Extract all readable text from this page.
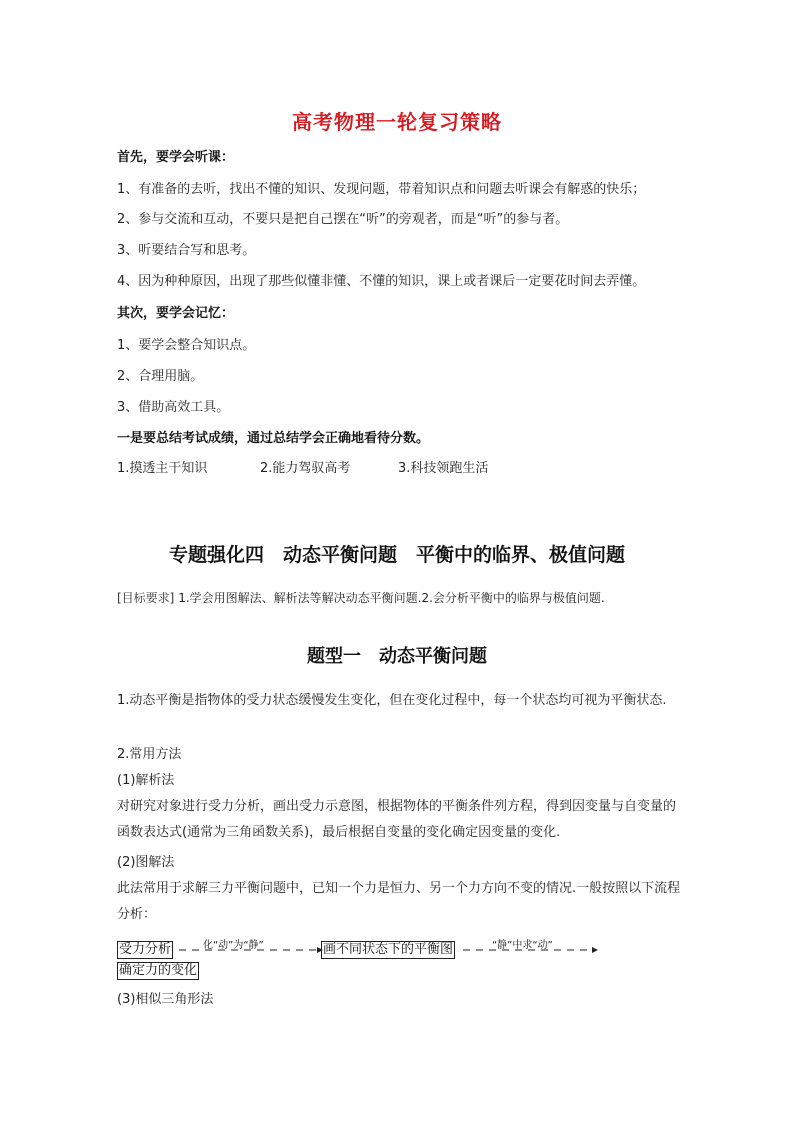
高考物理一轮复习策略
首先，要学会听课：
1、有准备的去听，找出不懂的知识、发现问题，带着知识点和问题去听课会有解惑的快乐；
2、参与交流和互动，不要只是把自己摆在“听”的旁观者，而是“听”的参与者。
3、听要结合写和思考。
4、因为种种原因，出现了那些似懂非懂、不懂的知识，课上或者课后一定要花时间去弄懂。
其次，要学会记忆：
1、要学会整合知识点。
2、合理用脑。
3、借助高效工具。
一是要总结考试成绩，通过总结学会正确地看待分数。
1.摸透主干知识	2.能力驾驭高考	3.科技领跑生活
专题强化四　动态平衡问题　平衡中的临界、极值问题
[目标要求] 1.学会用图解法、解析法等解决动态平衡问题.2.会分析平衡中的临界与极值问题.
题型一　动态平衡问题
1.动态平衡是指物体的受力状态缓慢发生变化，但在变化过程中，每一个状态均可视为平衡状态.
2.常用方法
(1)解析法
对研究对象进行受力分析，画出受力示意图，根据物体的平衡条件列方程，得到因变量与自变量的函数表达式(通常为三角函数关系)，最后根据自变量的变化确定因变量的变化.
(2)图解法
此法常用于求解三力平衡问题中，已知一个力是恒力、另一个力方向不变的情况.一般按照以下流程分析：
受力分析	化“动”为“静”	画不同状态下的平衡图	“静”中求“动”
确定力的变化
(3)相似三角形法
